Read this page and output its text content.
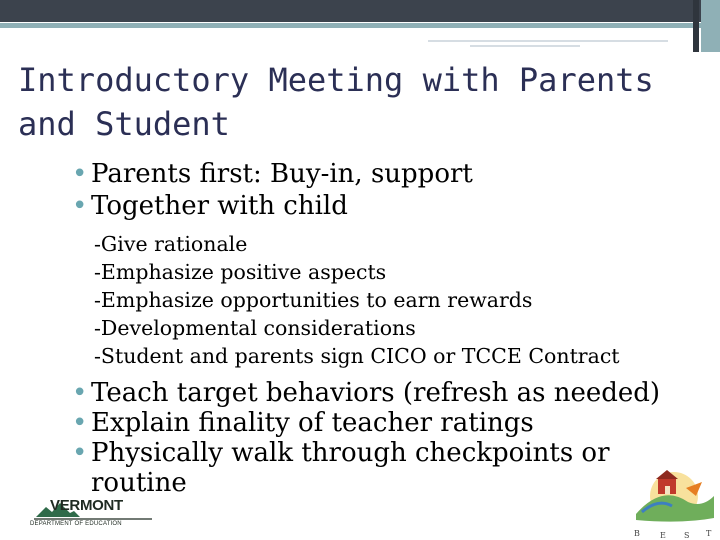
Introductory Meeting with Parents and Student
• Parents first: Buy-in, support
• Together with child
-Give rationale
-Emphasize positive aspects
-Emphasize opportunities to earn rewards
-Developmental considerations
-Student and parents sign CICO or TCCE Contract
• Teach target behaviors (refresh as needed)
• Explain finality of teacher ratings
• Physically walk through checkpoints or routine
VERMONT
DEPARTMENT OF EDUCATION
B	E S T
